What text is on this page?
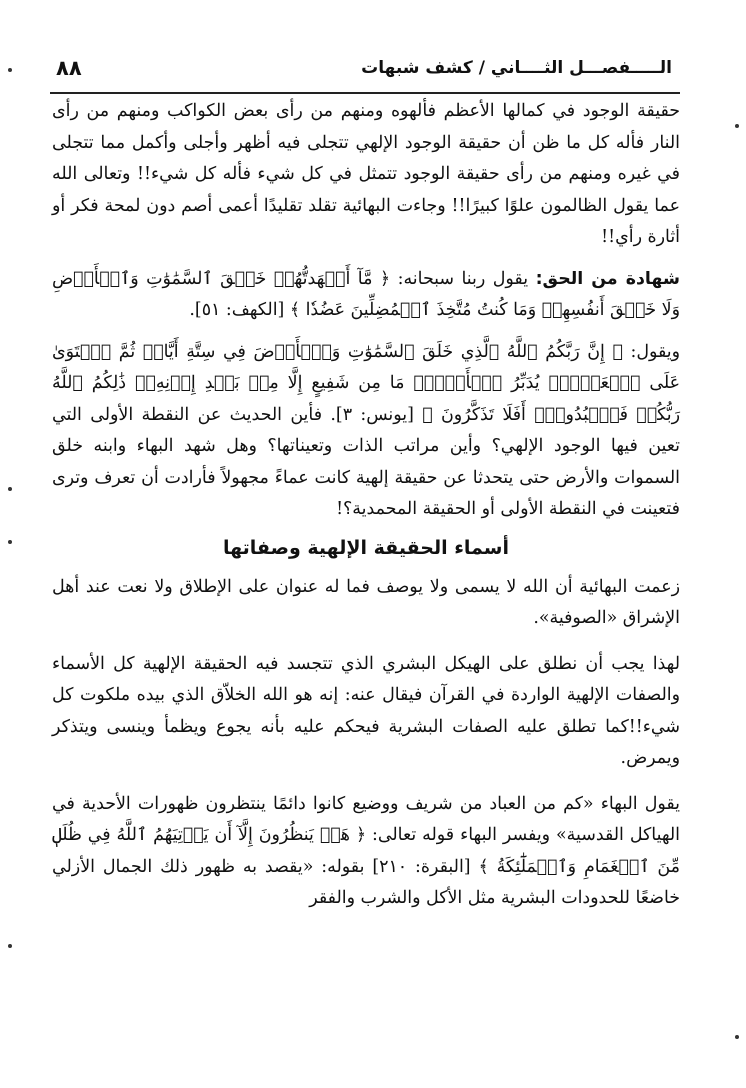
٨٨	الـــــفصـــل الثــــاني / كشف شبهات

حقيقة الوجود في كمالها الأعظم فألهوه ومنهم من رأى بعض الكواكب ومنهم من رأى النار فأله كل ما ظن أن حقيقة الوجود الإلهي تتجلى فيه أظهر وأجلى وأكمل مما تتجلى في غيره ومنهم من رأى حقيقة الوجود تتمثل في كل شيء فأله كل شيء!! وتعالى الله عما يقول الظالمون علوًا كبيرًا!! وجاءت البهائية تقلد تقليدًا أعمى أصم دون لمحة فكر أو أثارة رأي!!

شهادة من الحق: يقول ربنا سبحانه: ﴿ مَّآ أَشۡهَدتُّهُمۡ خَلۡقَ ٱلسَّمَٰوَٰتِ وَٱلۡأَرۡضِ وَلَا خَلۡقَ أَنفُسِهِمۡ وَمَا كُنتُ مُتَّخِذَ ٱلۡمُضِلِّينَ عَضُدٗا ﴾ [الكهف: ٥١].

ويقول: ﴿ إِنَّ رَبَّكُمُ ٱللَّهُ ٱلَّذِي خَلَقَ ٱلسَّمَٰوَٰتِ وَٱلۡأَرۡضَ فِي سِتَّةِ أَيَّامٖ ثُمَّ ٱسۡتَوَىٰ عَلَى ٱلۡعَرۡشِۖ يُدَبِّرُ ٱلۡأَمۡرَۖ مَا مِن شَفِيعٍ إِلَّا مِنۢ بَعۡدِ إِذۡنِهِۦۚ ذَٰلِكُمُ ٱللَّهُ رَبُّكُمۡ فَٱعۡبُدُوهُۚ أَفَلَا تَذَكَّرُونَ ﴾ [يونس: ٣]. فأين الحديث عن النقطة الأولى التي تعين فيها الوجود الإلهي؟ وأين مراتب الذات وتعيناتها؟ وهل شهد البهاء وابنه خلق السموات والأرض حتى يتحدثا عن حقيقة إلهية كانت عماءً مجهولاً فأرادت أن تعرف وترى فتعينت في النقطة الأولى أو الحقيقة المحمدية؟!

أسماء الحقيقة الإلهية وصفاتها

زعمت البهائية أن الله لا يسمى ولا يوصف فما له عنوان على الإطلاق ولا نعت عند أهل الإشراق «الصوفية».

لهذا يجب أن نطلق على الهيكل البشري الذي تتجسد فيه الحقيقة الإلهية كل الأسماء والصفات الإلهية الواردة في القرآن فيقال عنه: إنه هو الله الخلاّق الذي بيده ملكوت كل شيء!!كما تطلق عليه الصفات البشرية فيحكم عليه بأنه يجوع ويظمأ وينسى ويتذكر ويمرض.

يقول البهاء «كم من العباد من شريف ووضيع كانوا دائمًا ينتظرون ظهورات الأحدية في الهياكل القدسية» ويفسر البهاء قوله تعالى: ﴿ هَلۡ يَنظُرُونَ إِلَّآ أَن يَأۡتِيَهُمُ ٱللَّهُ فِي ظُلَلٖ مِّنَ ٱلۡغَمَامِ وَٱلۡمَلَٰٓئِكَةُ ﴾ [البقرة: ٢١٠] بقوله: «يقصد به ظهور ذلك الجمال الأزلي خاضعًا للحدودات البشرية مثل الأكل والشرب والفقر
